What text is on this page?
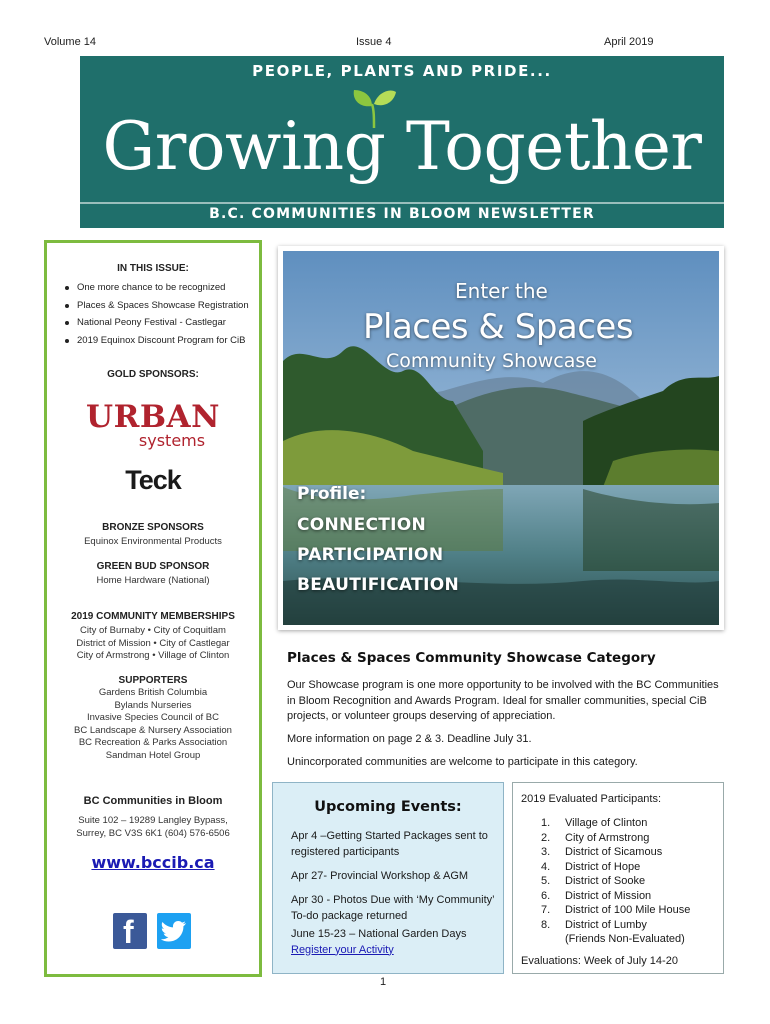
Volume 14	Issue 4	April 2019
PEOPLE, PLANTS AND PRIDE...
Growing Together
B.C. COMMUNITIES IN BLOOM NEWSLETTER
IN THIS ISSUE:
One more chance to be recognized
Places & Spaces Showcase Registration
National Peony Festival - Castlegar
2019 Equinox Discount Program for CiB
GOLD SPONSORS:
URBAN
systems
Teck
BRONZE SPONSORS
Equinox Environmental Products
GREEN BUD SPONSOR
Home Hardware (National)
2019 COMMUNITY MEMBERSHIPS
City of Burnaby • City of Coquitlam
District of Mission • City of Castlegar
City of Armstrong • Village of Clinton
SUPPORTERS
Gardens British Columbia
Bylands Nurseries
Invasive Species Council of BC
BC Landscape & Nursery Association
BC Recreation & Parks Association
Sandman Hotel Group
BC Communities in Bloom
Suite 102 – 19289 Langley Bypass,
Surrey, BC V3S 6K1 (604) 576-6506
www.bccib.ca
f
Enter the
Places & Spaces
Community Showcase
Profile:
CONNECTION
PARTICIPATION
BEAUTIFICATION
Places & Spaces Community Showcase Category
Our Showcase program is one more opportunity to be involved with the BC Communities in Bloom Recognition and Awards Program. Ideal for smaller communities, special CiB projects, or volunteer groups deserving of appreciation.
More information on page 2 & 3. Deadline July 31.
Unincorporated communities are welcome to participate in this category.
Upcoming Events:
Apr 4 –Getting Started Packages sent to registered participants
Apr 27- Provincial Workshop & AGM
Apr 30 - Photos Due with ‘My Community’ To-do package returned
June 15-23 – National Garden Days
Register your Activity
2019 Evaluated Participants:
1. Village of Clinton
2. City of Armstrong
3. District of Sicamous
4. District of Hope
5. District of Sooke
6. District of Mission
7. District of 100 Mile House
8. District of Lumby
(Friends Non-Evaluated)
Evaluations: Week of July 14-20
1
